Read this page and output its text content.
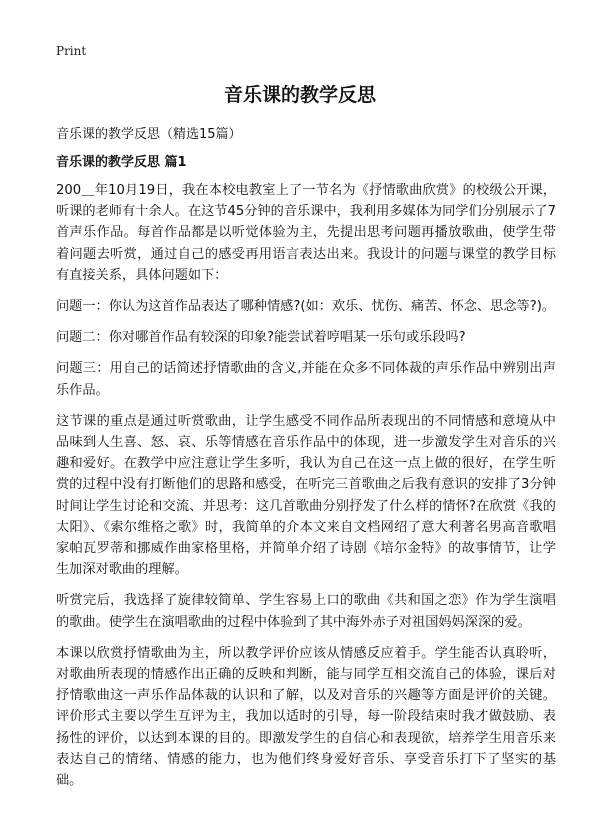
Print
音乐课的教学反思

音乐课的教学反思（精选15篇）

音乐课的教学反思 篇1

200＿年10月19日，我在本校电教室上了一节名为《抒情歌曲欣赏》的校级公开课，听课的老师有十余人。在这节45分钟的音乐课中，我利用多媒体为同学们分别展示了7首声乐作品。每首作品都是以听觉体验为主，先提出思考问题再播放歌曲，使学生带着问题去听赏，通过自己的感受再用语言表达出来。我设计的问题与课堂的教学目标有直接关系，具体问题如下：

问题一：你认为这首作品表达了哪种情感?(如：欢乐、忧伤、痛苦、怀念、思念等?)。

问题二：你对哪首作品有较深的印象?能尝试着哼唱某一乐句或乐段吗?

问题三：用自己的话简述抒情歌曲的含义,并能在众多不同体裁的声乐作品中辨别出声乐作品。

这节课的重点是通过听赏歌曲，让学生感受不同作品所表现出的不同情感和意境从中品味到人生喜、怒、哀、乐等情感在音乐作品中的体现，进一步激发学生对音乐的兴趣和爱好。在教学中应注意让学生多听，我认为自己在这一点上做的很好，在学生听赏的过程中没有打断他们的思路和感受，在听完三首歌曲之后我有意识的安排了3分钟时间让学生讨论和交流、并思考：这几首歌曲分别抒发了什么样的情怀?在欣赏《我的太阳》、《索尔维格之歌》时，我简单的介本文来自文档网绍了意大利著名男高音歌唱家帕瓦罗蒂和挪威作曲家格里格，并简单介绍了诗剧《培尔金特》的故事情节，让学生加深对歌曲的理解。

听赏完后，我选择了旋律较简单、学生容易上口的歌曲《共和国之恋》作为学生演唱的歌曲。使学生在演唱歌曲的过程中体验到了其中海外赤子对祖国妈妈深深的爱。

本课以欣赏抒情歌曲为主，所以教学评价应该从情感反应着手。学生能否认真聆听，对歌曲所表现的情感作出正确的反映和判断，能与同学互相交流自己的体验，课后对抒情歌曲这一声乐作品体裁的认识和了解，以及对音乐的兴趣等方面是评价的关键。评价形式主要以学生互评为主，我加以适时的引导，每一阶段结束时我才做鼓励、表扬性的评价，以达到本课的目的。即激发学生的自信心和表现欲，培养学生用音乐来表达自己的情绪、情感的能力，也为他们终身爱好音乐、享受音乐打下了坚实的基础。
